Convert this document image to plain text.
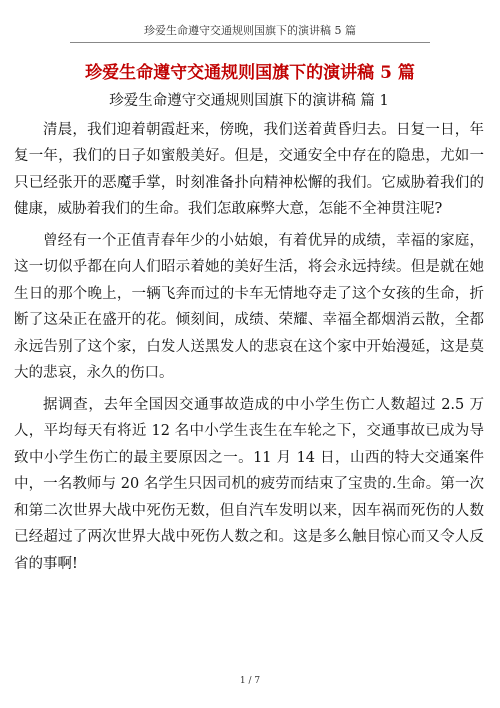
珍爱生命遵守交通规则国旗下的演讲稿 5 篇
珍爱生命遵守交通规则国旗下的演讲稿 5 篇

珍爱生命遵守交通规则国旗下的演讲稿 篇 1

清晨，我们迎着朝霞赶来，傍晚，我们送着黄昏归去。日复一日，年复一年，我们的日子如蜜般美好。但是，交通安全中存在的隐患，尤如一只已经张开的恶魔手掌，时刻准备扑向精神松懈的我们。它威胁着我们的健康，威胁着我们的生命。我们怎敢麻弊大意，怎能不全神贯注呢?

曾经有一个正值青春年少的小姑娘，有着优异的成绩，幸福的家庭，这一切似乎都在向人们昭示着她的美好生活，将会永远持续。但是就在她生日的那个晚上，一辆飞奔而过的卡车无情地夺走了这个女孩的生命，折断了这朵正在盛开的花。倾刻间，成绩、荣耀、幸福全都烟消云散，全都永远告别了这个家，白发人送黑发人的悲哀在这个家中开始漫延，这是莫大的悲哀，永久的伤口。

据调查，去年全国因交通事故造成的中小学生伤亡人数超过 2.5 万人，平均每天有将近 12 名中小学生丧生在车轮之下，交通事故已成为导致中小学生伤亡的最主要原因之一。11 月 14 日，山西的特大交通案件中，一名教师与 20 名学生只因司机的疲劳而结束了宝贵的.生命。第一次和第二次世界大战中死伤无数，但自汽车发明以来，因车祸而死伤的人数已经超过了两次世界大战中死伤人数之和。这是多么触目惊心而又令人反省的事啊!

1 / 7
